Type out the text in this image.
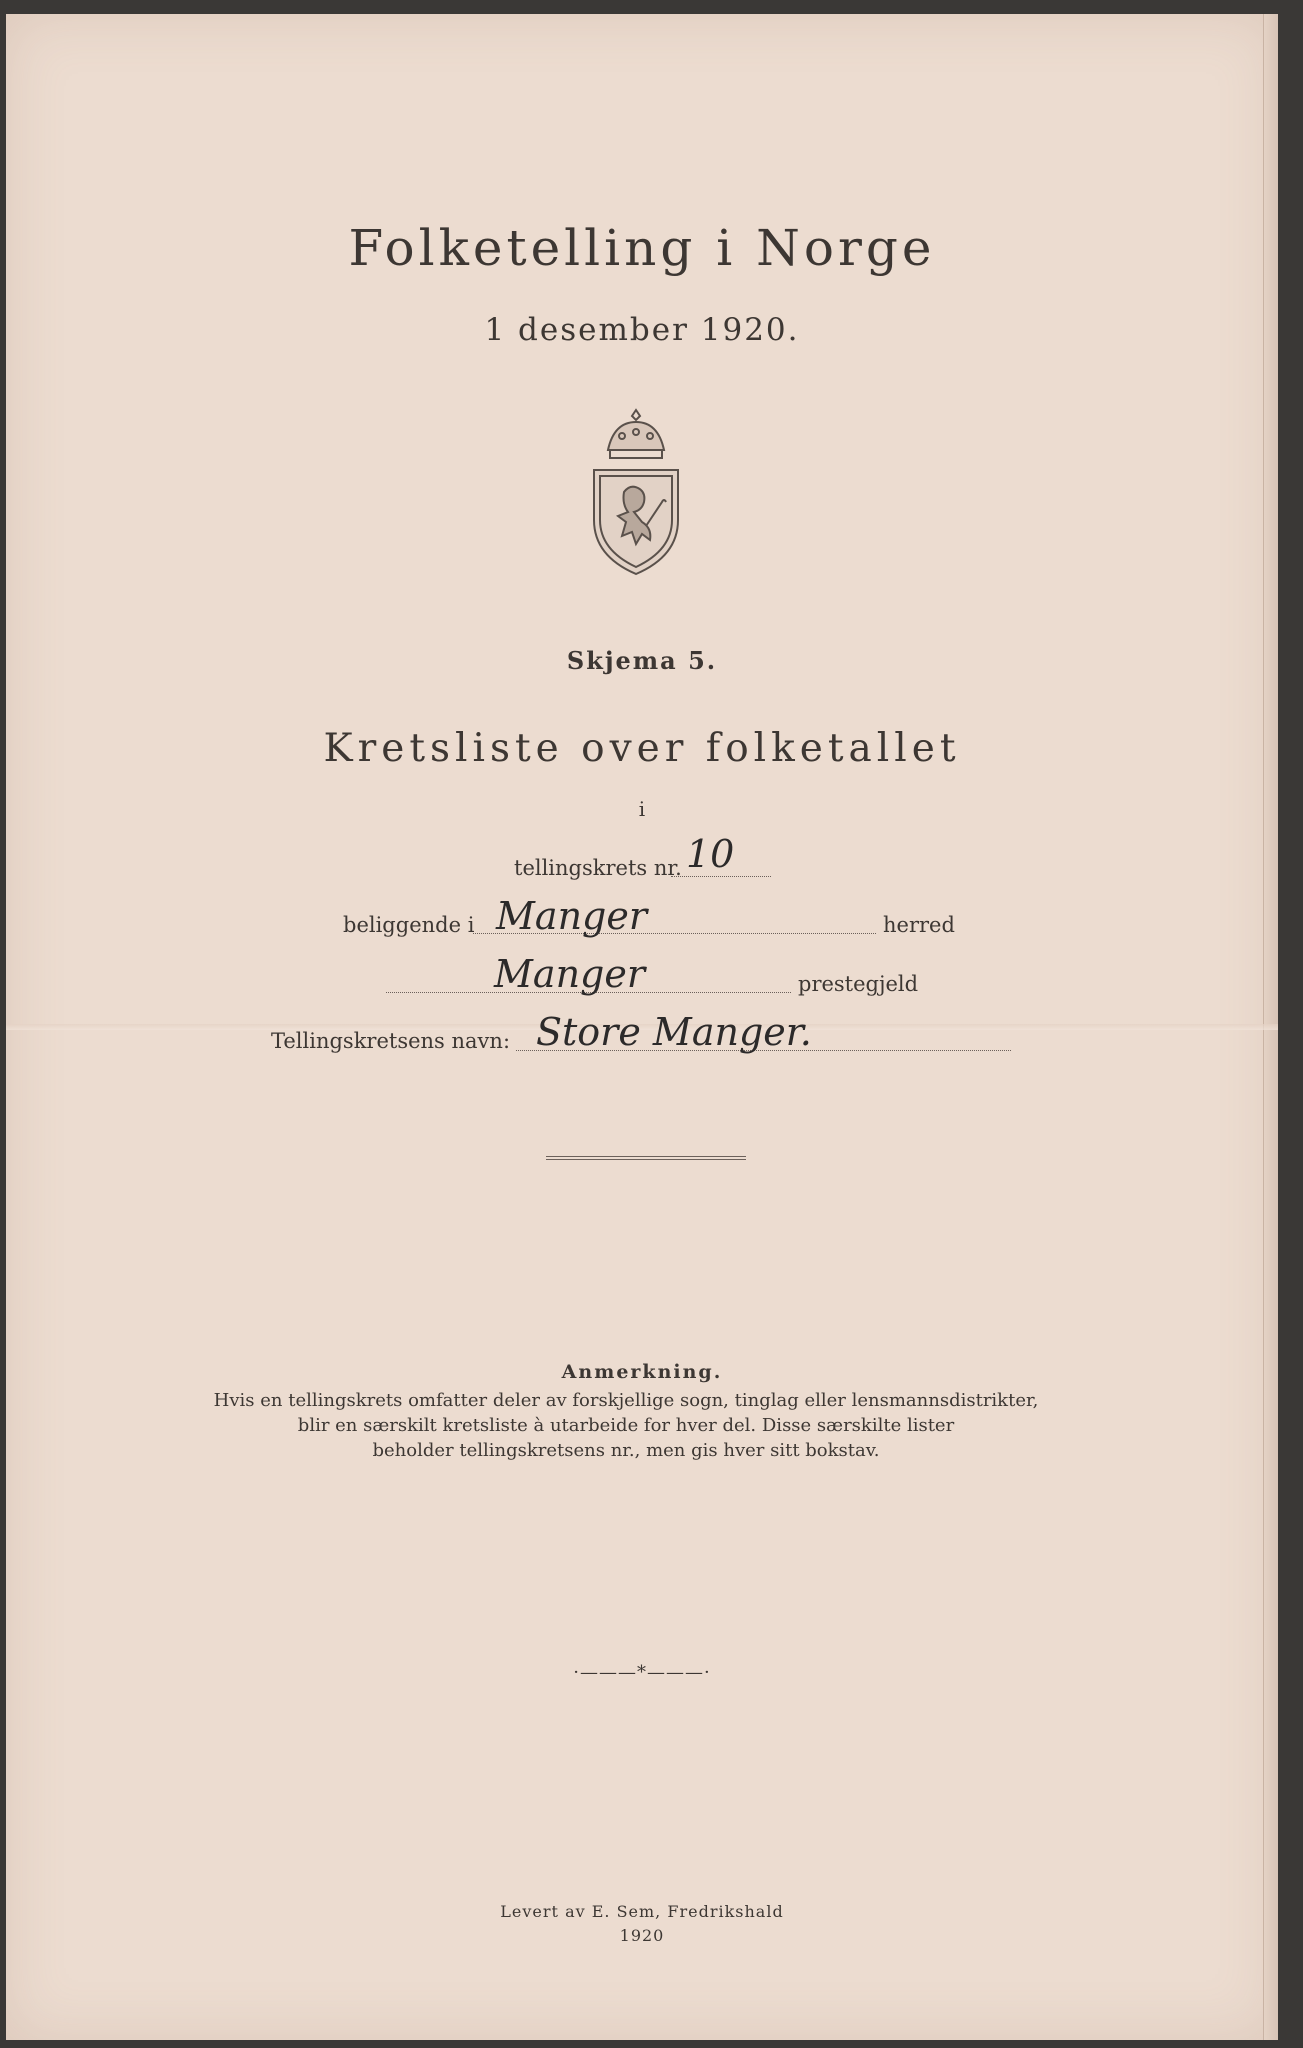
Folketelling i Norge
1 desember 1920.
Skjema 5.
Kretsliste over folketallet
i
tellingskrets nr. 10
beliggende i Manger	herred
Manger	prestegjeld
Tellingskretsens navn: Store Manger.
Anmerkning.
Hvis en tellingskrets omfatter deler av forskjellige sogn, tinglag eller lensmannsdistrikter,
blir en særskilt kretsliste à utarbeide for hver del. Disse særskilte lister
beholder tellingskretsens nr., men gis hver sitt bokstav.
·———*———·
Levert av E. Sem, Fredrikshald
1920
